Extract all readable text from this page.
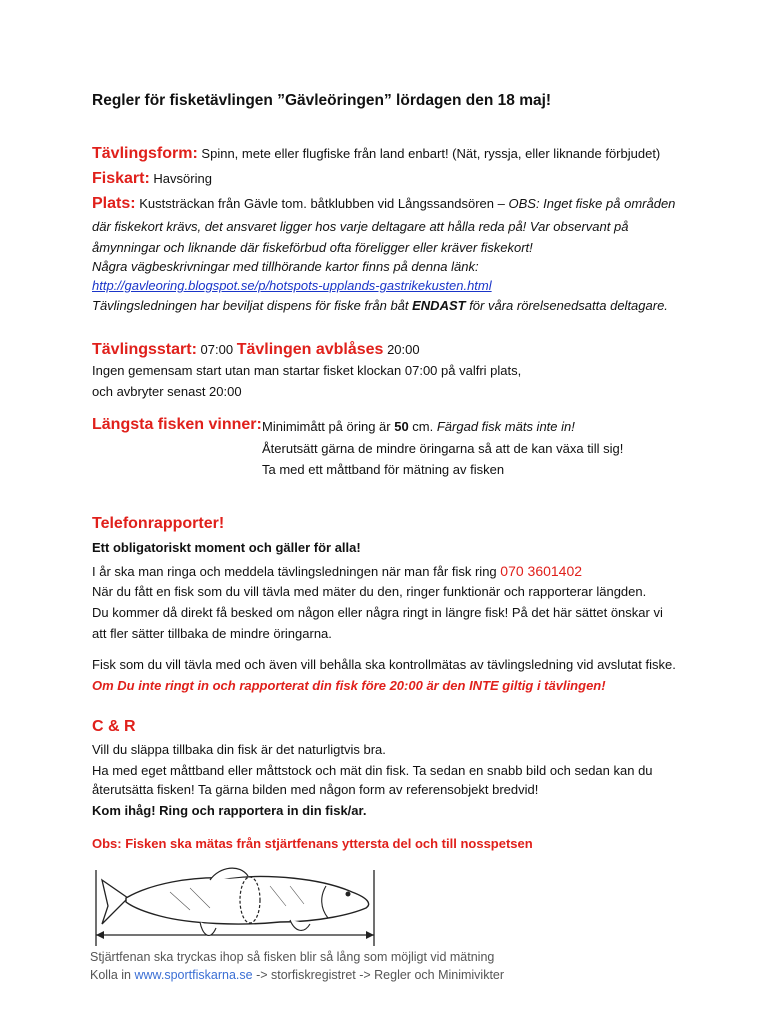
Regler för fisketävlingen ”Gävleöringen” lördagen den 18 maj!
Tävlingsform: Spinn, mete eller flugfiske från land enbart! (Nät, ryssja, eller liknande förbjudet)
Fiskart: Havsöring
Plats: Kuststräckan från Gävle tom. båtklubben vid Långssandsören – OBS: Inget fiske på områden
där fiskekort krävs, det ansvaret ligger hos varje deltagare att hålla reda på! Var observant på
åmynningar och liknande där fiskeförbud ofta föreligger eller kräver fiskekort!
Några vägbeskrivningar med tillhörande kartor finns på denna länk:
http://gavleoring.blogspot.se/p/hotspots-upplands-gastrikekusten.html
Tävlingsledningen har beviljat dispens för fiske från båt ENDAST för våra rörelsenedsatta deltagare.
Tävlingsstart: 07:00 Tävlingen avblåses 20:00
Ingen gemensam start utan man startar fisket klockan 07:00 på valfri plats,
och avbryter senast 20:00
Längsta fisken vinner: Minimimått på öring är 50 cm. Färgad fisk mäts inte in!
Återutsätt gärna de mindre öringarna så att de kan växa till sig!
Ta med ett måttband för mätning av fisken
Telefonrapporter!
Ett obligatoriskt moment och gäller för alla!
I år ska man ringa och meddela tävlingsledningen när man får fisk ring 070 3601402
När du fått en fisk som du vill tävla med mäter du den, ringer funktionär och rapporterar längden.
Du kommer då direkt få besked om någon eller några ringt in längre fisk! På det här sättet önskar vi
att fler sätter tillbaka de mindre öringarna.
Fisk som du vill tävla med och även vill behålla ska kontrollmätas av tävlingsledning vid avslutat fiske.
Om Du inte ringt in och rapporterat din fisk före 20:00 är den INTE giltig i tävlingen!
C & R
Vill du släppa tillbaka din fisk är det naturligtvis bra.
Ha med eget måttband eller måttstock och mät din fisk. Ta sedan en snabb bild och sedan kan du
återutsätta fisken! Ta gärna bilden med någon form av referensobjekt bredvid!
Kom ihåg! Ring och rapportera in din fisk/ar.
Obs: Fisken ska mätas från stjärtfenans yttersta del och till nosspetsen
Stjärtfenan ska tryckas ihop så fisken blir så lång som möjligt vid mätning
Kolla in www.sportfiskarna.se -> storfiskregistret -> Regler och Minimivikter
